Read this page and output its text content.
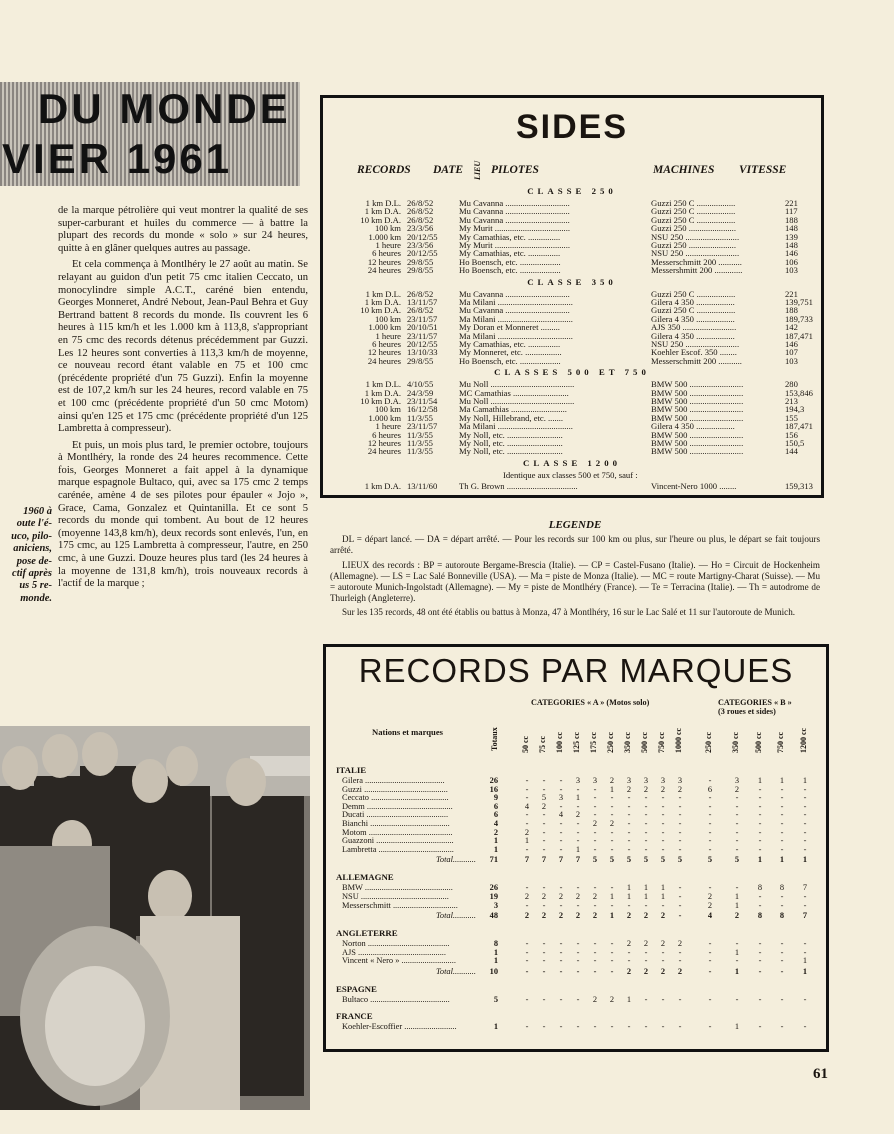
DU MONDE
VIER 1961

de la marque pétrolière qui veut montrer la qualité de ses super-carburant et huiles du commerce — à battre la plupart des records du monde « solo » sur 24 heures, quitte à en glâner quelques autres au passage.

Et cela commença à Montlhéry le 27 août au matin. Se relayant au guidon d'un petit 75 cmc italien Ceccato, un monocylindre simple A.C.T., caréné bien entendu, Georges Monneret, André Nebout, Jean-Paul Behra et Guy Bertrand battent 8 records du monde. Ils couvrent les 6 heures à 115 km/h et les 1.000 km à 113,8, s'appropriant en 75 cmc des records détenus précédemment par Guzzi. Les 12 heures sont converties à 113,3 km/h de moyenne, ce nouveau record étant valable en 75 et 100 cmc (précédente propriété d'un 75 Guzzi). Enfin la moyenne est de 107,2 km/h sur les 24 heures, record valable en 75 et 100 cmc (précédente propriété d'un 50 cmc Motom) ainsi qu'en 125 et 175 cmc (précédente propriété d'un 125 Lambretta à compresseur).

Et puis, un mois plus tard, le premier octobre, toujours à Montlhéry, la ronde des 24 heures recommence. Cette fois, Georges Monneret a fait appel à la dynamique marque espagnole Bultaco, qui, avec sa 175 cmc 2 temps carénée, amène 4 de ses pilotes pour épauler « Jojo », Grace, Cama, Gonzalez et Quintanilla. Et ce sont 5 records du monde qui tombent. Au bout de 12 heures (moyenne 143,8 km/h), deux records sont enlevés, l'un, en 175 cmc, au 125 Lambretta à compresseur, l'autre, en 250 cmc, à une Guzzi. Douze heures plus tard (les 24 heures à la moyenne de 131,8 km/h), trois nouveaux records à l'actif de la marque ;

1960 à
oute l'é-
uco, pilo-
aniciens,
pose de-
ctif après
us 5 re-
monde.
SIDES
RECORDS DATE LIEU PILOTES	MACHINES VITESSE
CLASSE 250
1 km D.L. 26/8/52	Mu Cavanna ..............................	Guzzi 250 C ..................	221
1 km D.A. 26/8/52	Mu Cavanna ..............................	Guzzi 250 C ..................	117
10 km D.A. 26/8/52	Mu Cavanna ..............................	Guzzi 250 C ..................	188
100 km 23/3/56	My Murit ...................................	Guzzi 250 ......................	148
1.000 km 20/12/55 My Camathias, etc. ...............	NSU 250 .........................	139
1 heure 23/3/56	My Murit ...................................	Guzzi 250 ......................	148
6 heures 20/12/55 My Camathias, etc. ...............	NSU 250 .........................	146
12 heures 29/8/55	Ho Boensch, etc. ...................	Messerschmitt 200 ...........	106
24 heures 29/8/55	Ho Boensch, etc. ...................	Messershmitt 200 .............	103
CLASSE 350
1 km D.L. 26/8/52	Mu Cavanna ..............................	Guzzi 250 C ..................	221
1 km D.A. 13/11/57	Ma Milani ...................................	Gilera 4 350 ..................	139,751
10 km D.A. 26/8/52	Mu Cavanna ..............................	Guzzi 250 C ..................	188
100 km 23/11/57	Ma Milani ...................................	Gilera 4 350 ..................	189,733
1.000 km 20/10/51 My Doran et Monneret .........	AJS 350 .........................	142
1 heure 23/11/57	Ma Milani ...................................	Gilera 4 350 ..................	187,471
6 heures 20/12/55 My Camathias, etc. ...............	NSU 250 .........................	146
12 heures 13/10/33 My Monneret, etc. .................	Koehler Escof. 350 ........	107
24 heures 29/8/55	Ho Boensch, etc. ...................	Messerschmitt 200 ...........	103
CLASSES 500 ET 750
1 km D.L. 4/10/55	Mu Noll .......................................	BMW 500 .........................	280
1 km D.A. 24/3/59	MC Camathias ..........................	BMW 500 .........................	153,846
10 km D.A. 23/11/54	Mu Noll .......................................	BMW 500 .........................	213
100 km 16/12/58 Ma Camathias ..........................	BMW 500 .........................	194,3
1.000 km 11/3/55	My Noll, Hillebrand, etc. .......	BMW 500 .........................	155
1 heure 23/11/57	Ma Milani ...................................	Gilera 4 350 ..................	187,471
6 heures 11/3/55	My Noll, etc. ..........................	BMW 500 .........................	156
12 heures 11/3/55	My Noll, etc. ..........................	BMW 500 .........................	150,5
24 heures 11/3/55	My Noll, etc. ..........................	BMW 500 .........................	144
CLASSE 1200
Identique aux classes 500 et 750, sauf :
1 km D.A. 13/11/60	Th G. Brown .................................	Vincent-Nero 1000 ........	159,313
LEGENDE

DL = départ lancé. — DA = départ arrêté. — Pour les records sur 100 km ou plus, sur l'heure ou plus, le départ se fait toujours arrêté.

LIEUX des records : BP = autoroute Bergame-Brescia (Italie). — CP = Castel-Fusano (Italie). — Ho = Circuit de Hockenheim (Allemagne). — LS = Lac Salé Bonneville (USA). — Ma = piste de Monza (Italie). — MC = route Martigny-Charat (Suisse). — Mu = autoroute Munich-Ingolstadt (Allemagne). — My = piste de Montlhéry (France). — Te = Terracina (Italie). — Th = autodrome de Thurleigh (Angleterre).

Sur les 135 records, 48 ont été établis ou battus à Monza, 47 à Montlhéry, 16 sur le Lac Salé et 11 sur l'autoroute de Munich.

RECORDS PAR MARQUES
CATEGORIES « A » (Motos solo)	CATEGORIES « B »
(3 roues et sides)
Nations et marques	Totaux	50 cc 75 cc 100 cc 125 cc 175 cc 250 cc 350 cc 500 cc 750 cc 1000 cc	250 cc 350 cc 500 cc 750 cc 1200 cc
ITALIE
Gilera ......................................	26	-	-	-	3	3	2	3	3	3	3	-	3	1	1	1
Guzzi ........................................	16	-	-	-	-	-	1	2	2	2	2	6	2	-	-	-
Ceccato .....................................	9	-	5	3	1	-	-	-	-	-	-	-	-	-	-	-
Demm .........................................	6	4	2	-	-	-	-	-	-	-	-	-	-	-	-	-
Ducati .......................................	6	-	-	4	2	-	-	-	-	-	-	-	-	-	-	-
Bianchi ......................................	4	-	-	-	-	2	2	-	-	-	-	-	-	-	-	-
Motom ........................................	2	2	-	-	-	-	-	-	-	-	-	-	-	-	-	-
Guazzoni .....................................	1	1	-	-	-	-	-	-	-	-	-	-	-	-	-	-
Lambretta ....................................	1	-	-	-	1	-	-	-	-	-	-	-	-	-	-	-
Total...........	71	7	7	7	7	5	5	5	5	5	5	5	5	1	1	1
ALLEMAGNE
BMW ..........................................	26	-	-	-	-	-	-	1	1	1	-	-	-	8	8	7
NSU ..........................................	19	2	2	2	2	2	1	1	1	1	-	2	1	-	-	-
Messerschmitt ...............................	3	-	-	-	-	-	-	-	-	-	-	2	1	-	-	-
Total...........	48	2	2	2	2	2	1	2	2	2	-	4	2	8	8	7
ANGLETERRE
Norton .......................................	8	-	-	-	-	-	-	2	2	2	2	-	-	-	-	-
AJS ..........................................	1	-	-	-	-	-	-	-	-	-	-	-	1	-	-	-
Vincent « Nero » ..........................	1	-	-	-	-	-	-	-	-	-	-	-	-	-	-	1
Total...........	10	-	-	-	-	-	-	2	2	2	2	-	1	-	-	1
ESPAGNE
Bultaco ......................................	5	-	-	-	-	2	2	1	-	-	-	-	-	-	-	-
FRANCE
Koehler-Escoffier .........................	1	-	-	-	-	-	-	-	-	-	-	-	1	-	-	-
61
